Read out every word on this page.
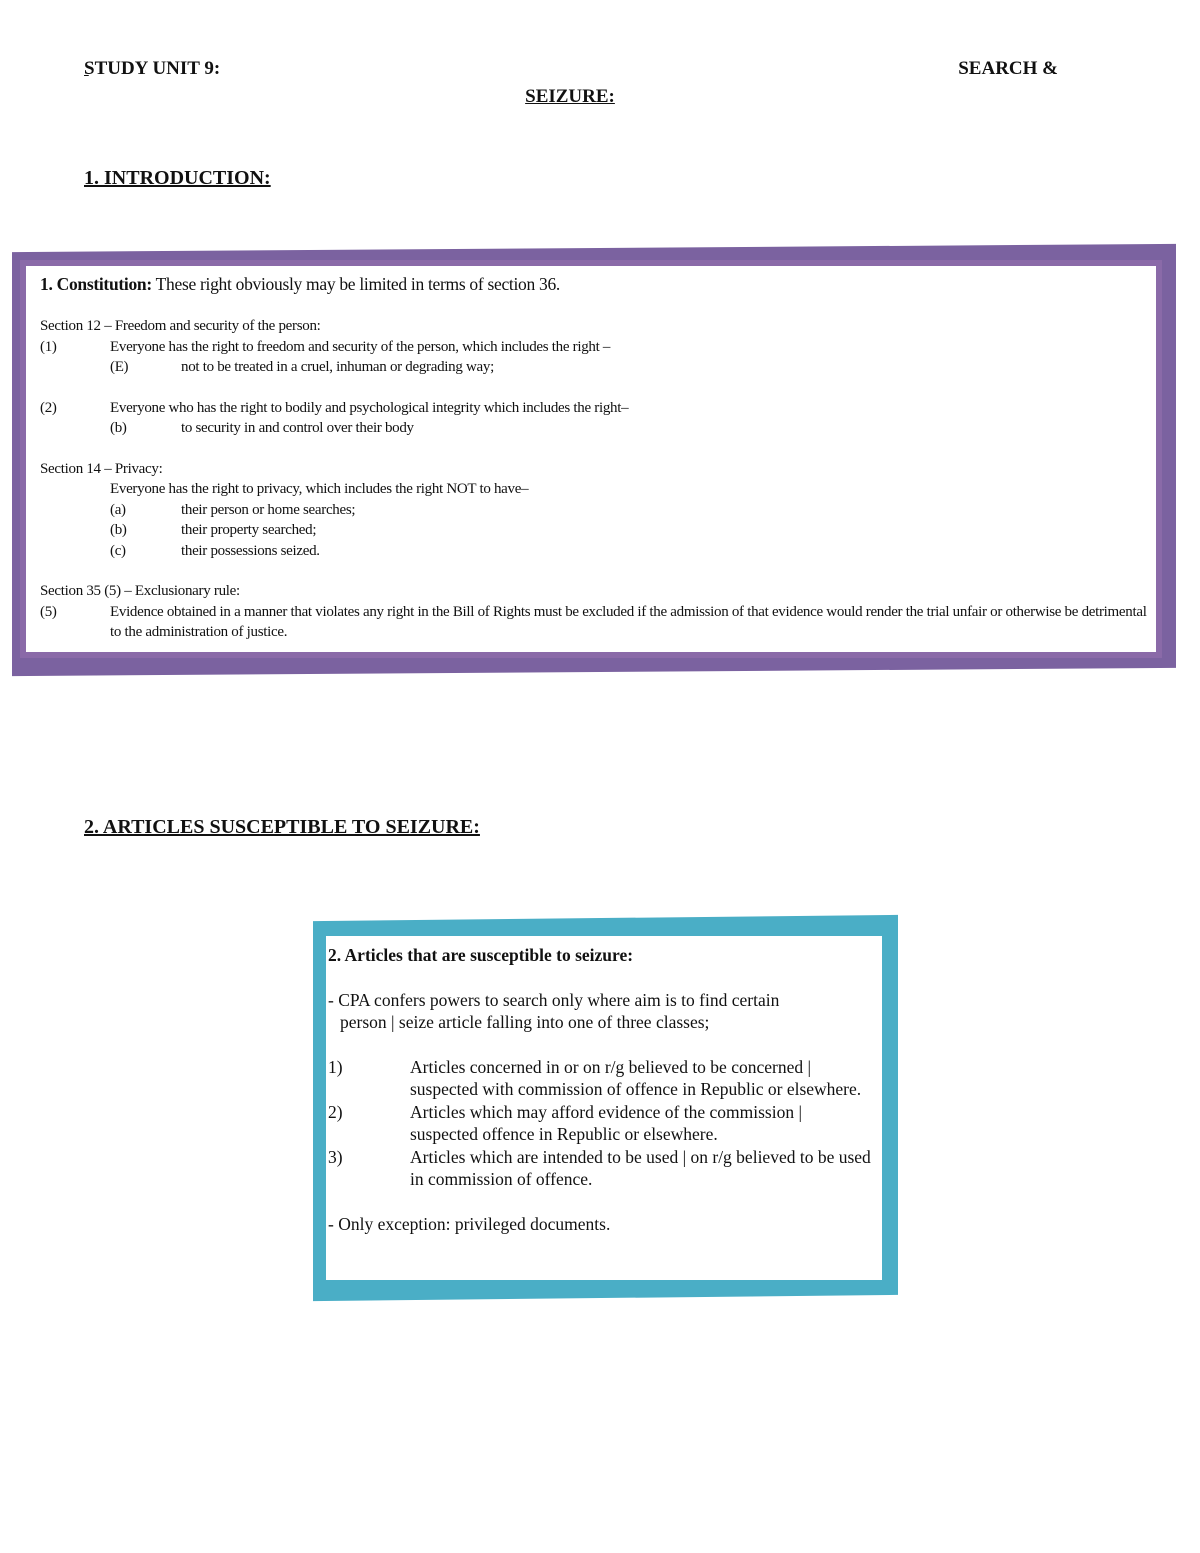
STUDY UNIT 9:	SEARCH &
SEIZURE:
1. INTRODUCTION:
1. Constitution: These right obviously may be limited in terms of section 36.
Section 12 – Freedom and security of the person:
(1)	Everyone has the right to freedom and security of the person, which includes the right –
(E)	not to be treated in a cruel, inhuman or degrading way;
(2)	Everyone who has the right to bodily and psychological integrity which includes the right–
(b)	to security in and control over their body
Section 14 – Privacy:
Everyone has the right to privacy, which includes the right NOT to have–
(a)	their person or home searches;
(b)	their property searched;
(c)	their possessions seized.
Section 35 (5) – Exclusionary rule:
(5)	Evidence obtained in a manner that violates any right in the Bill of Rights must be excluded if the admission of that evidence would render the trial unfair or otherwise be detrimental to the administration of justice.
2. ARTICLES SUSCEPTIBLE TO SEIZURE:
2. Articles that are susceptible to seizure:
- CPA confers powers to search only where aim is to find certain
person | seize article falling into one of three classes;
1)	Articles concerned in or on r/g believed to be concerned | suspected with commission of offence in Republic or elsewhere.
2)	Articles which may afford evidence of the commission | suspected offence in Republic or elsewhere.
3)	Articles which are intended to be used | on r/g believed to be used in commission of offence.
- Only exception: privileged documents.
